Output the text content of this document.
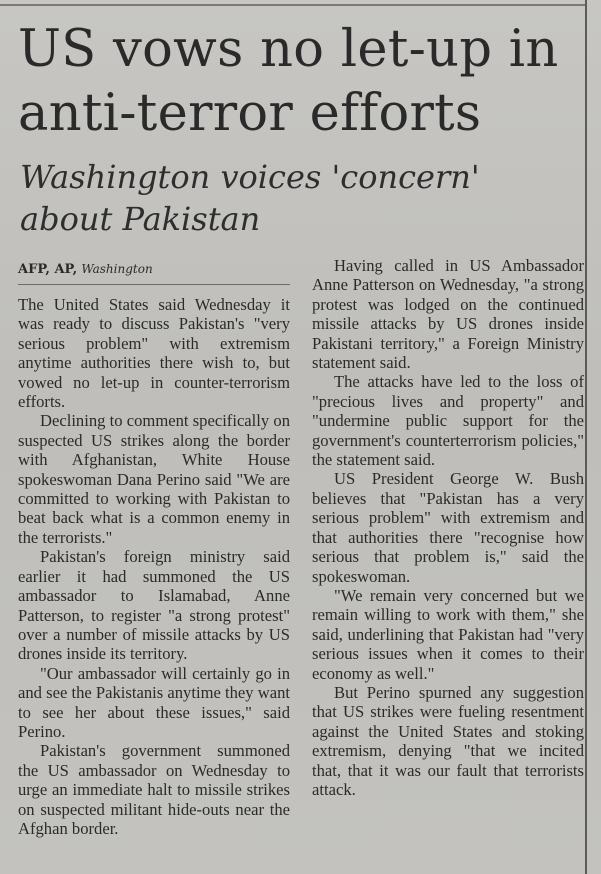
US vows no let-up in anti-terror efforts
Washington voices 'concern' about Pakistan
AFP, AP, Washington

The United States said Wednesday it was ready to discuss Pakistan's "very serious problem" with extremism anytime authorities there wish to, but vowed no let-up in counter-terrorism efforts.

Declining to comment specifically on suspected US strikes along the border with Afghanistan, White House spokeswoman Dana Perino said "We are committed to working with Pakistan to beat back what is a common enemy in the terrorists."

Pakistan's foreign ministry said earlier it had summoned the US ambassador to Islamabad, Anne Patterson, to register "a strong protest" over a number of missile attacks by US drones inside its territory.

"Our ambassador will certainly go in and see the Pakistanis anytime they want to see her about these issues," said Perino.

Pakistan's government summoned the US ambassador on Wednesday to urge an immediate halt to missile strikes on suspected militant hide-outs near the Afghan border.

Having called in US Ambassador Anne Patterson on Wednesday, "a strong protest was lodged on the continued missile attacks by US drones inside Pakistani territory," a Foreign Ministry statement said.

The attacks have led to the loss of "precious lives and property" and "undermine public support for the government's counterterrorism policies," the statement said.

US President George W. Bush believes that "Pakistan has a very serious problem" with extremism and that authorities there "recognise how serious that problem is," said the spokeswoman.

"We remain very concerned but we remain willing to work with them," she said, underlining that Pakistan had "very serious issues when it comes to their economy as well."

But Perino spurned any suggestion that US strikes were fueling resentment against the United States and stoking extremism, denying "that we incited that, that it was our fault that terrorists attack.
